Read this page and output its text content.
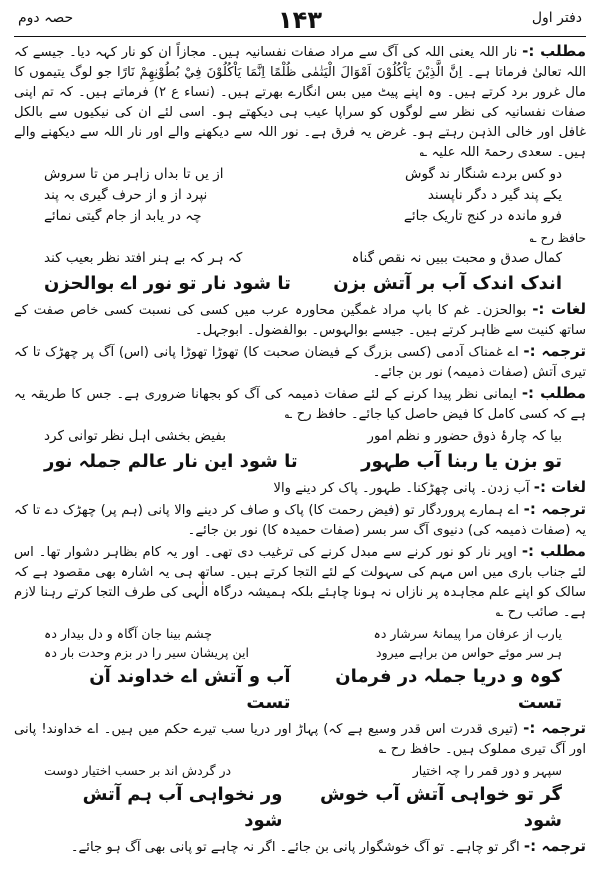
حصہ دوم	۱۴۳	دفتر اول

مطلب :- نار اللہ یعنی اللہ کی آگ سے مراد صفات نفسانیہ ہیں۔ مجازاً ان کو نار کہہ دیا۔ جیسے کہ اللہ تعالیٰ فرماتا ہے۔ اِنَّ الَّذِيْنَ يَاْكُلُوْنَ اَمْوَالَ الْيَتٰمٰى ظُلْمًا اِنَّمَا يَاْكُلُوْنَ فِيْ بُطُوْنِهِمْ نَارًا جو لوگ یتیموں کا مال غرور برد کرتے ہیں۔ وہ اپنے پیٹ میں بس انگارے بھرتے ہیں۔ (نساء ع ۲) فرماتے ہیں۔ کہ تم اپنی صفات نفسانیہ کی نظر سے لوگوں کو سراپا عیب ہی دیکھتے ہو۔ اسی لئے ان کی نیکیوں سے بالکل غافل اور خالی الذہن رہتے ہو۔ غرض یہ فرق ہے۔ نور اللہ سے دیکھنے والے اور نار اللہ سے دیکھنے والے ہیں۔ سعدی رحمۃ اللہ علیہ ؎

دو کس بردے شنگار ند گوش
از یں تا بداں زاہر من تا سروش
یکے پند گیر د دگر ناپسند
نپرد از و از حرف گیری بہ پند
فرو ماندہ در کنج تاریک جائے
چہ در یابد از جام گیتی نمائے
حافظ رح ؎
کمال صدق و محبت ببیں نہ نقص گناہ
کہ ہر کہ بے ہنر افتد نظر بعیب کند
اندک اندک آب بر آتش بزن
تا شود نار تو نور اے بوالحزن

لغات :- بوالحزن۔ غم کا باپ مراد غمگین محاورہ عرب میں کسی کی نسبت کسی خاص صفت کے ساتھ کنیت سے ظاہر کرتے ہیں۔ جیسے بوالہوس۔ بوالفضول۔ ابوجہل۔

ترجمہ :- اے غمناک آدمی (کسی بزرگ کے فیضان صحبت کا) تھوڑا تھوڑا پانی (اس) آگ پر چھڑک تا کہ تیری آتش (صفات ذمیمہ) نور بن جائے۔

مطلب :- ایمانی نظر پیدا کرنے کے لئے صفات ذمیمہ کی آگ کو بجھانا ضروری ہے۔ جس کا طریقہ یہ ہے کہ کسی کامل کا فیض حاصل کیا جائے۔ حافظ رح ؎

بیا کہ چارۂ ذوق حضور و نظم امور
بفیض بخشی اہل نظر توانی کرد
تو بزن یا ربنا آب طہور
تا شود این نار عالم جملہ نور

لغات :- آب زدن۔ پانی چھڑکنا۔ طہور۔ پاک کر دینے والا

ترجمہ :- اے ہمارے پروردگار تو (فیض رحمت کا) پاک و صاف کر دینے والا پانی (ہم پر) چھڑک دے تا کہ یہ (صفات ذمیمہ کی) دنیوی آگ سر بسر (صفات حمیدہ کا) نور بن جائے۔

مطلب :- اوپر نار کو نور کرنے سے مبدل کرنے کی ترغیب دی تھی۔ اور یہ کام بظاہر دشوار تھا۔ اس لئے جناب باری میں اس مہم کی سہولت کے لئے التجا کرتے ہیں۔ ساتھ ہی یہ اشارہ بھی مقصود ہے کہ سالک کو اپنے علم مجاہدہ پر نازاں نہ ہونا چاہئے بلکہ ہمیشہ درگاہ الٰہی کی طرف التجا کرتے رہنا لازم ہے۔ صائب رح ؎

یارب از عرفان مرا پیمانۂ سرشار دہ
چشم بینا جان آگاہ و دل بیدار دہ
ہر سر موئے حواس من براہے میرود
این پریشان سیر را در بزم وحدت بار دہ
کوہ و دریا جملہ در فرمان تست
آب و آتش اے خداوند آن تست

ترجمہ :- (تیری قدرت اس قدر وسیع ہے کہ) پہاڑ اور دریا سب تیرے حکم میں ہیں۔ اے خداوند! پانی اور آگ تیری مملوک ہیں۔ حافظ رح ؎

سپہر و دور قمر را چہ اختیار
در گردش اند بر حسب اختیار دوست
گر تو خواہی آتش آب خوش شود
ور نخواہی آب ہم آتش شود

ترجمہ :- اگر تو چاہے۔ تو آگ خوشگوار پانی بن جائے۔ اگر نہ چاہے تو پانی بھی آگ ہو جائے۔
